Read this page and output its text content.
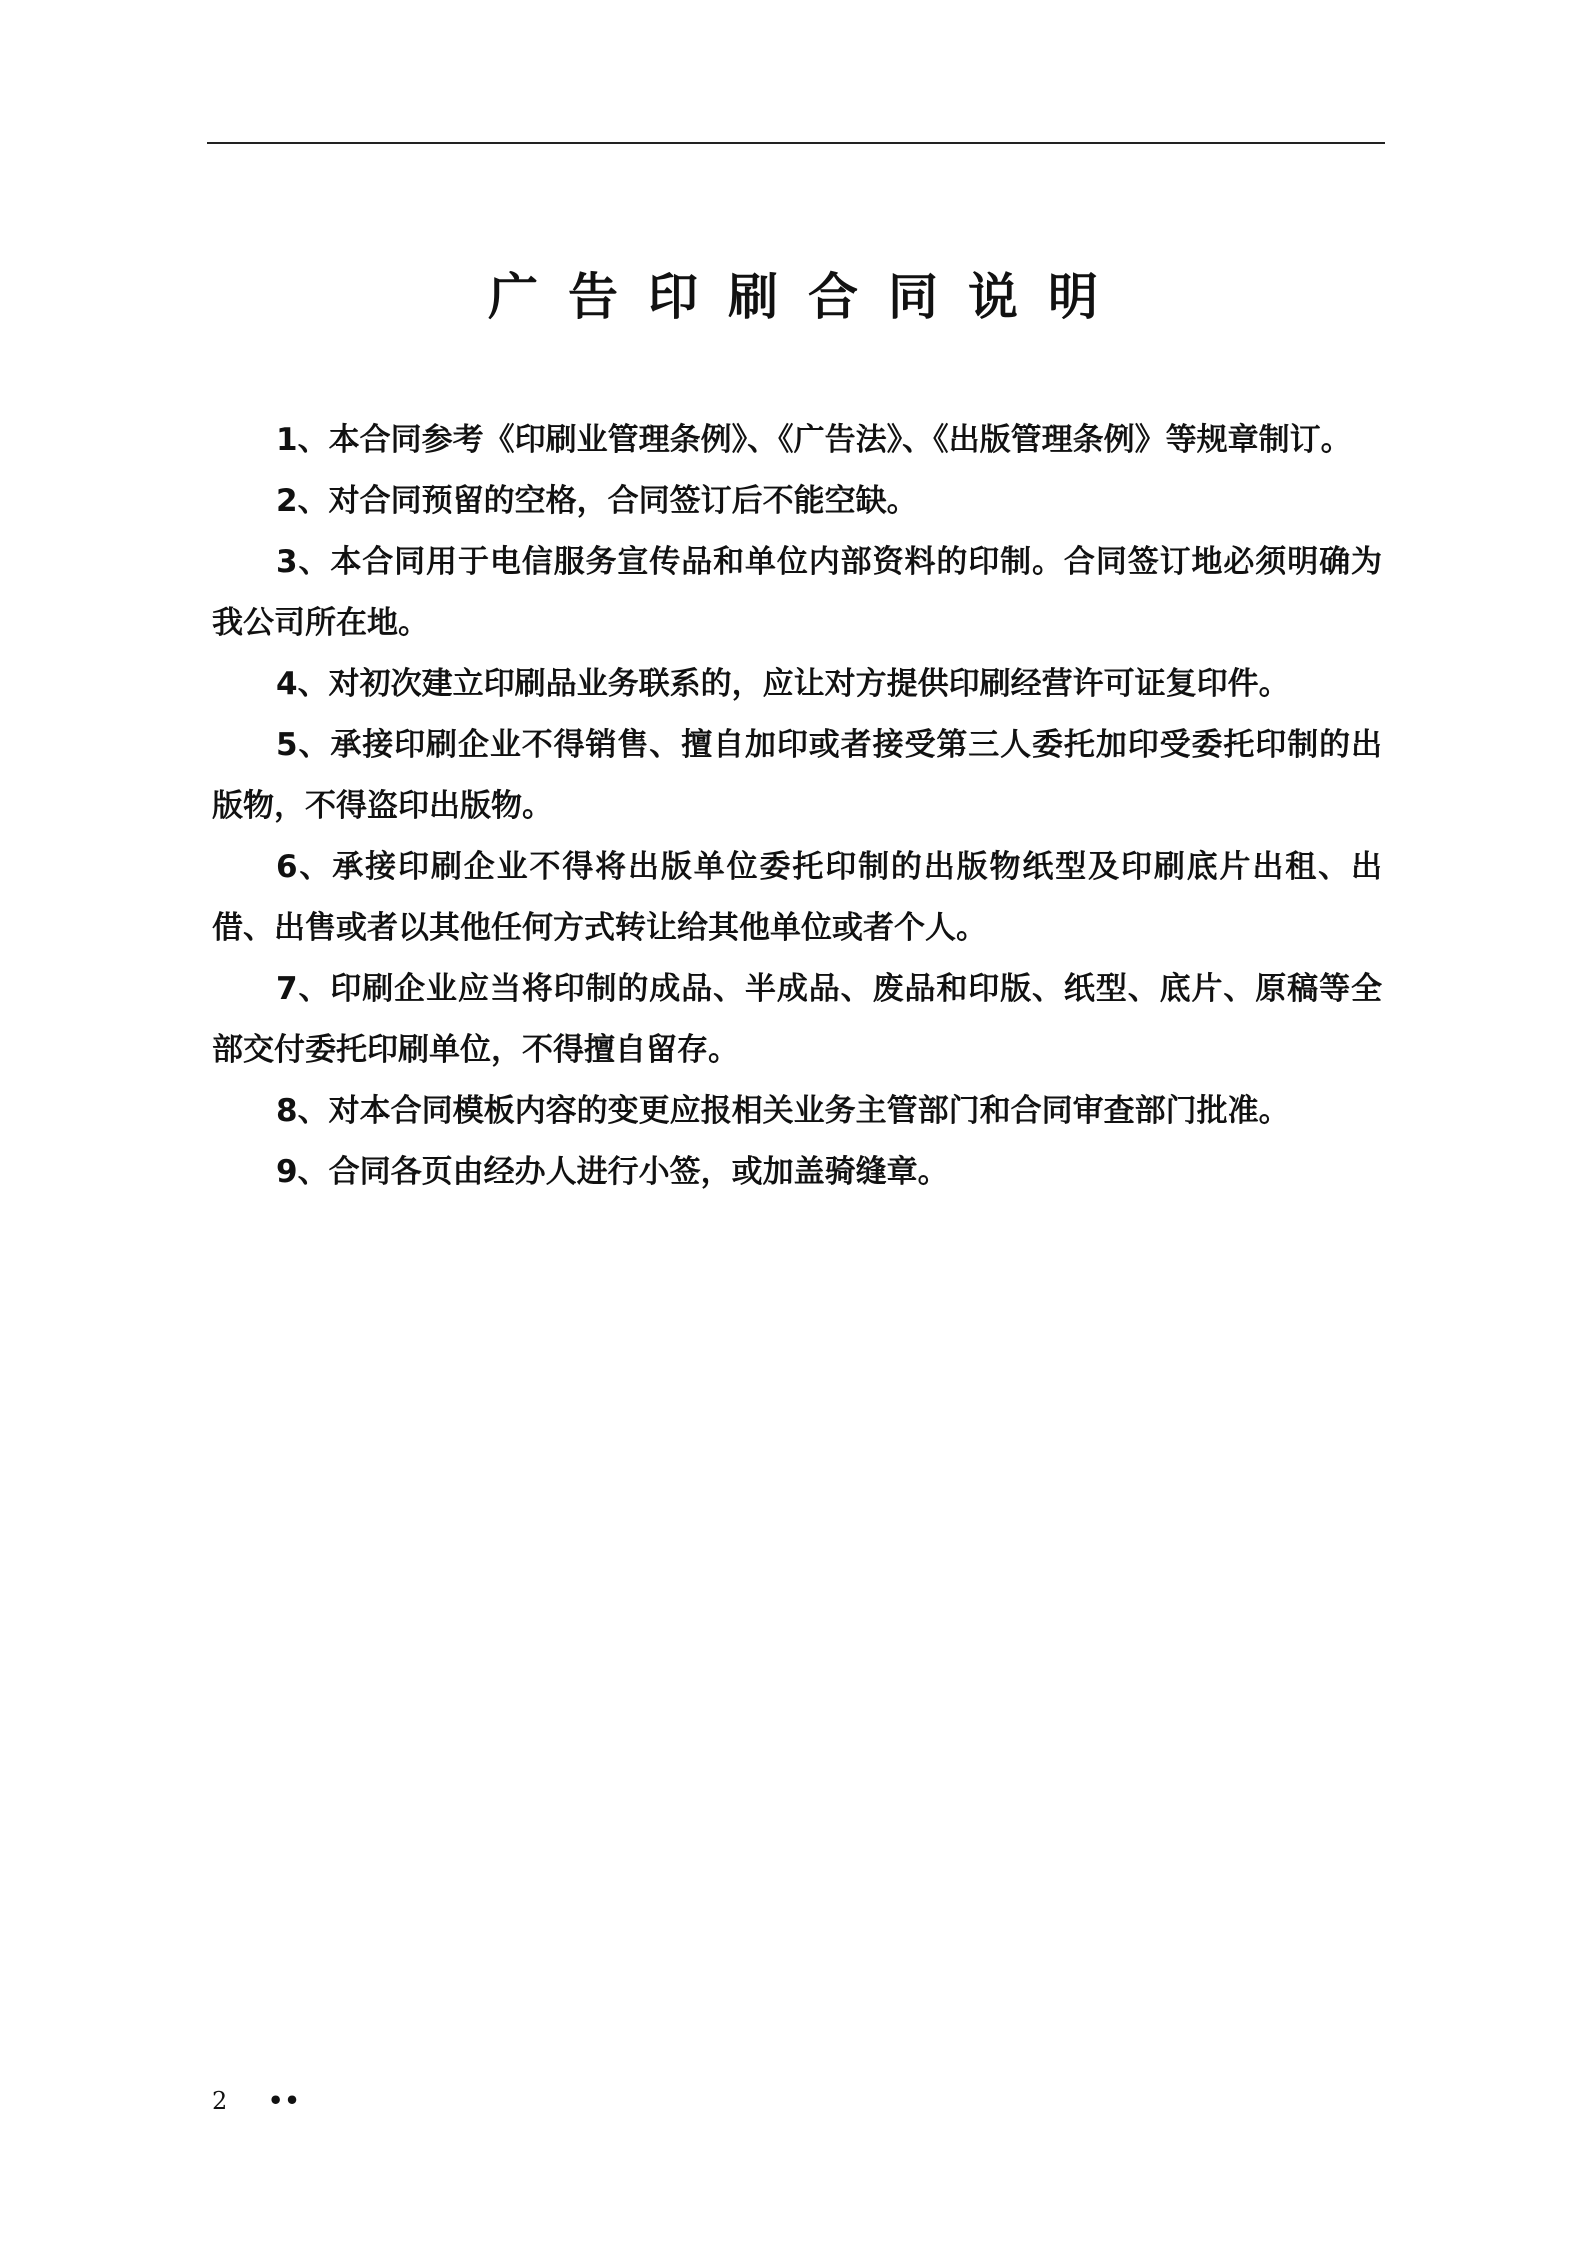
广告印刷合同说明
1、本合同参考《印刷业管理条例》、《广告法》、《出版管理条例》等规章制订。
2、对合同预留的空格，合同签订后不能空缺。
3、本合同用于电信服务宣传品和单位内部资料的印制。合同签订地必须明确为我公司所在地。
4、对初次建立印刷品业务联系的，应让对方提供印刷经营许可证复印件。
5、承接印刷企业不得销售、擅自加印或者接受第三人委托加印受委托印制的出版物，不得盗印出版物。
6、承接印刷企业不得将出版单位委托印制的出版物纸型及印刷底片出租、出借、出售或者以其他任何方式转让给其他单位或者个人。
7、印刷企业应当将印制的成品、半成品、废品和印版、纸型、底片、原稿等全部交付委托印刷单位，不得擅自留存。
8、对本合同模板内容的变更应报相关业务主管部门和合同审查部门批准。
9、合同各页由经办人进行小签，或加盖骑缝章。
2 ••
